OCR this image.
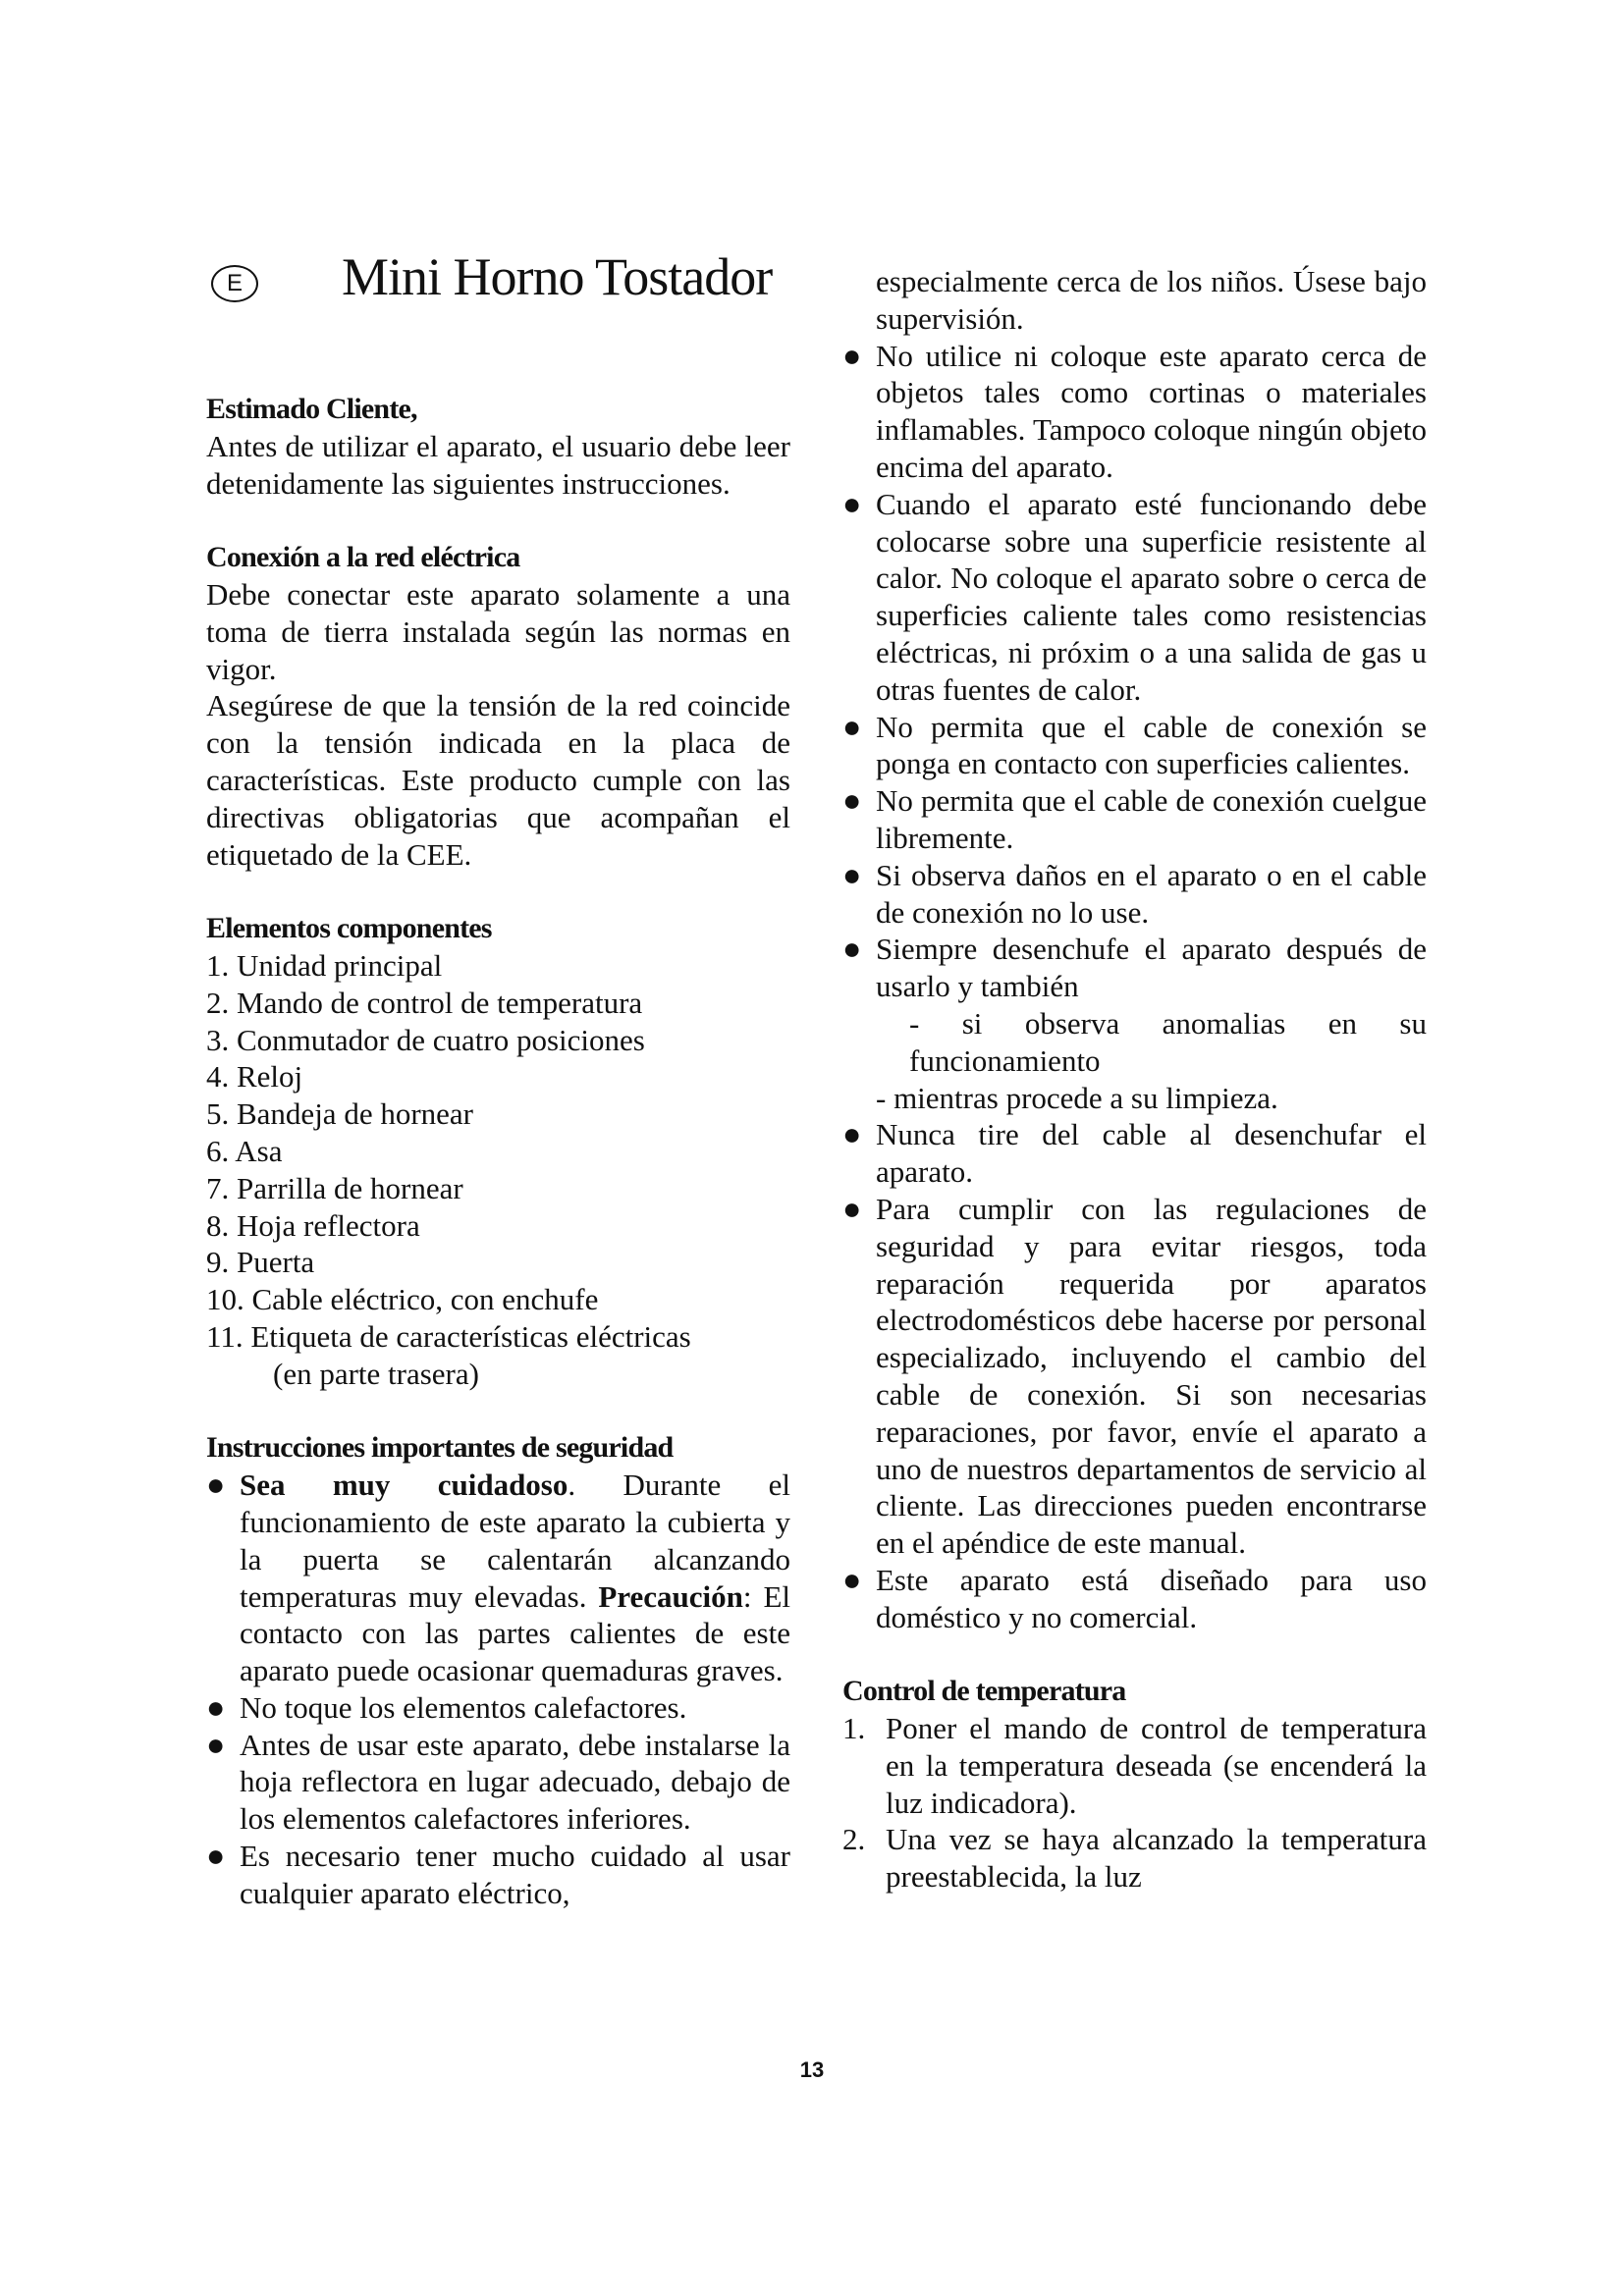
E Mini Horno Tostador
Estimado Cliente,

Antes de utilizar el aparato, el usuario debe leer detenidamente las siguientes instrucciones.

Conexión a la red eléctrica

Debe conectar este aparato solamente a una toma de tierra instalada según las normas en vigor.

Asegúrese de que la tensión de la red coincide con la tensión indicada en la placa de características. Este producto cumple con las directivas obligatorias que acompañan el etiquetado de la CEE.

Elementos componentes
1. Unidad principal
2. Mando de control de temperatura
3. Conmutador de cuatro posiciones
4. Reloj
5. Bandeja de hornear
6. Asa
7. Parrilla de hornear
8. Hoja reflectora
9. Puerta
10. Cable eléctrico, con enchufe
11. Etiqueta de características eléctricas
(en parte trasera)
Instrucciones importantes de seguridad
● Sea muy cuidadoso. Durante el funcionamiento de este aparato la cubierta y la puerta se calentarán alcanzando temperaturas muy elevadas. Precaución: El contacto con las partes calientes de este aparato puede ocasionar quemaduras graves.
● No toque los elementos calefactores.
● Antes de usar este aparato, debe instalarse la hoja reflectora en lugar adecuado, debajo de los elementos calefactores inferiores.
● Es necesario tener mucho cuidado al usar cualquier aparato eléctrico,

especialmente cerca de los niños. Úsese bajo supervisión.

● No utilice ni coloque este aparato cerca de objetos tales como cortinas o materiales inflamables. Tampoco coloque ningún objeto encima del aparato.
● Cuando el aparato esté funcionando debe colocarse sobre una superficie resistente al calor. No coloque el aparato sobre o cerca de superficies caliente tales como resistencias eléctricas, ni próxim o a una salida de gas u otras fuentes de calor.
● No permita que el cable de conexión se ponga en contacto con superficies calientes.
● No permita que el cable de conexión cuelgue libremente.
● Si observa daños en el aparato o en el cable de conexión no lo use.
● Siempre desenchufe el aparato después de usarlo y también
- si observa anomalias en su funcionamiento
- mientras procede a su limpieza.
● Nunca tire del cable al desenchufar el aparato.
● Para cumplir con las regulaciones de seguridad y para evitar riesgos, toda reparación requerida por aparatos electrodomésticos debe hacerse por personal especializado, incluyendo el cambio del cable de conexión. Si son necesarias reparaciones, por favor, envíe el aparato a uno de nuestros departamentos de servicio al cliente. Las direcciones pueden encontrarse en el apéndice de este manual.
● Este aparato está diseñado para uso doméstico y no comercial.
Control de temperatura
1. Poner el mando de control de temperatura en la temperatura deseada (se encenderá la luz indicadora).
2. Una vez se haya alcanzado la temperatura preestablecida, la luz
13
